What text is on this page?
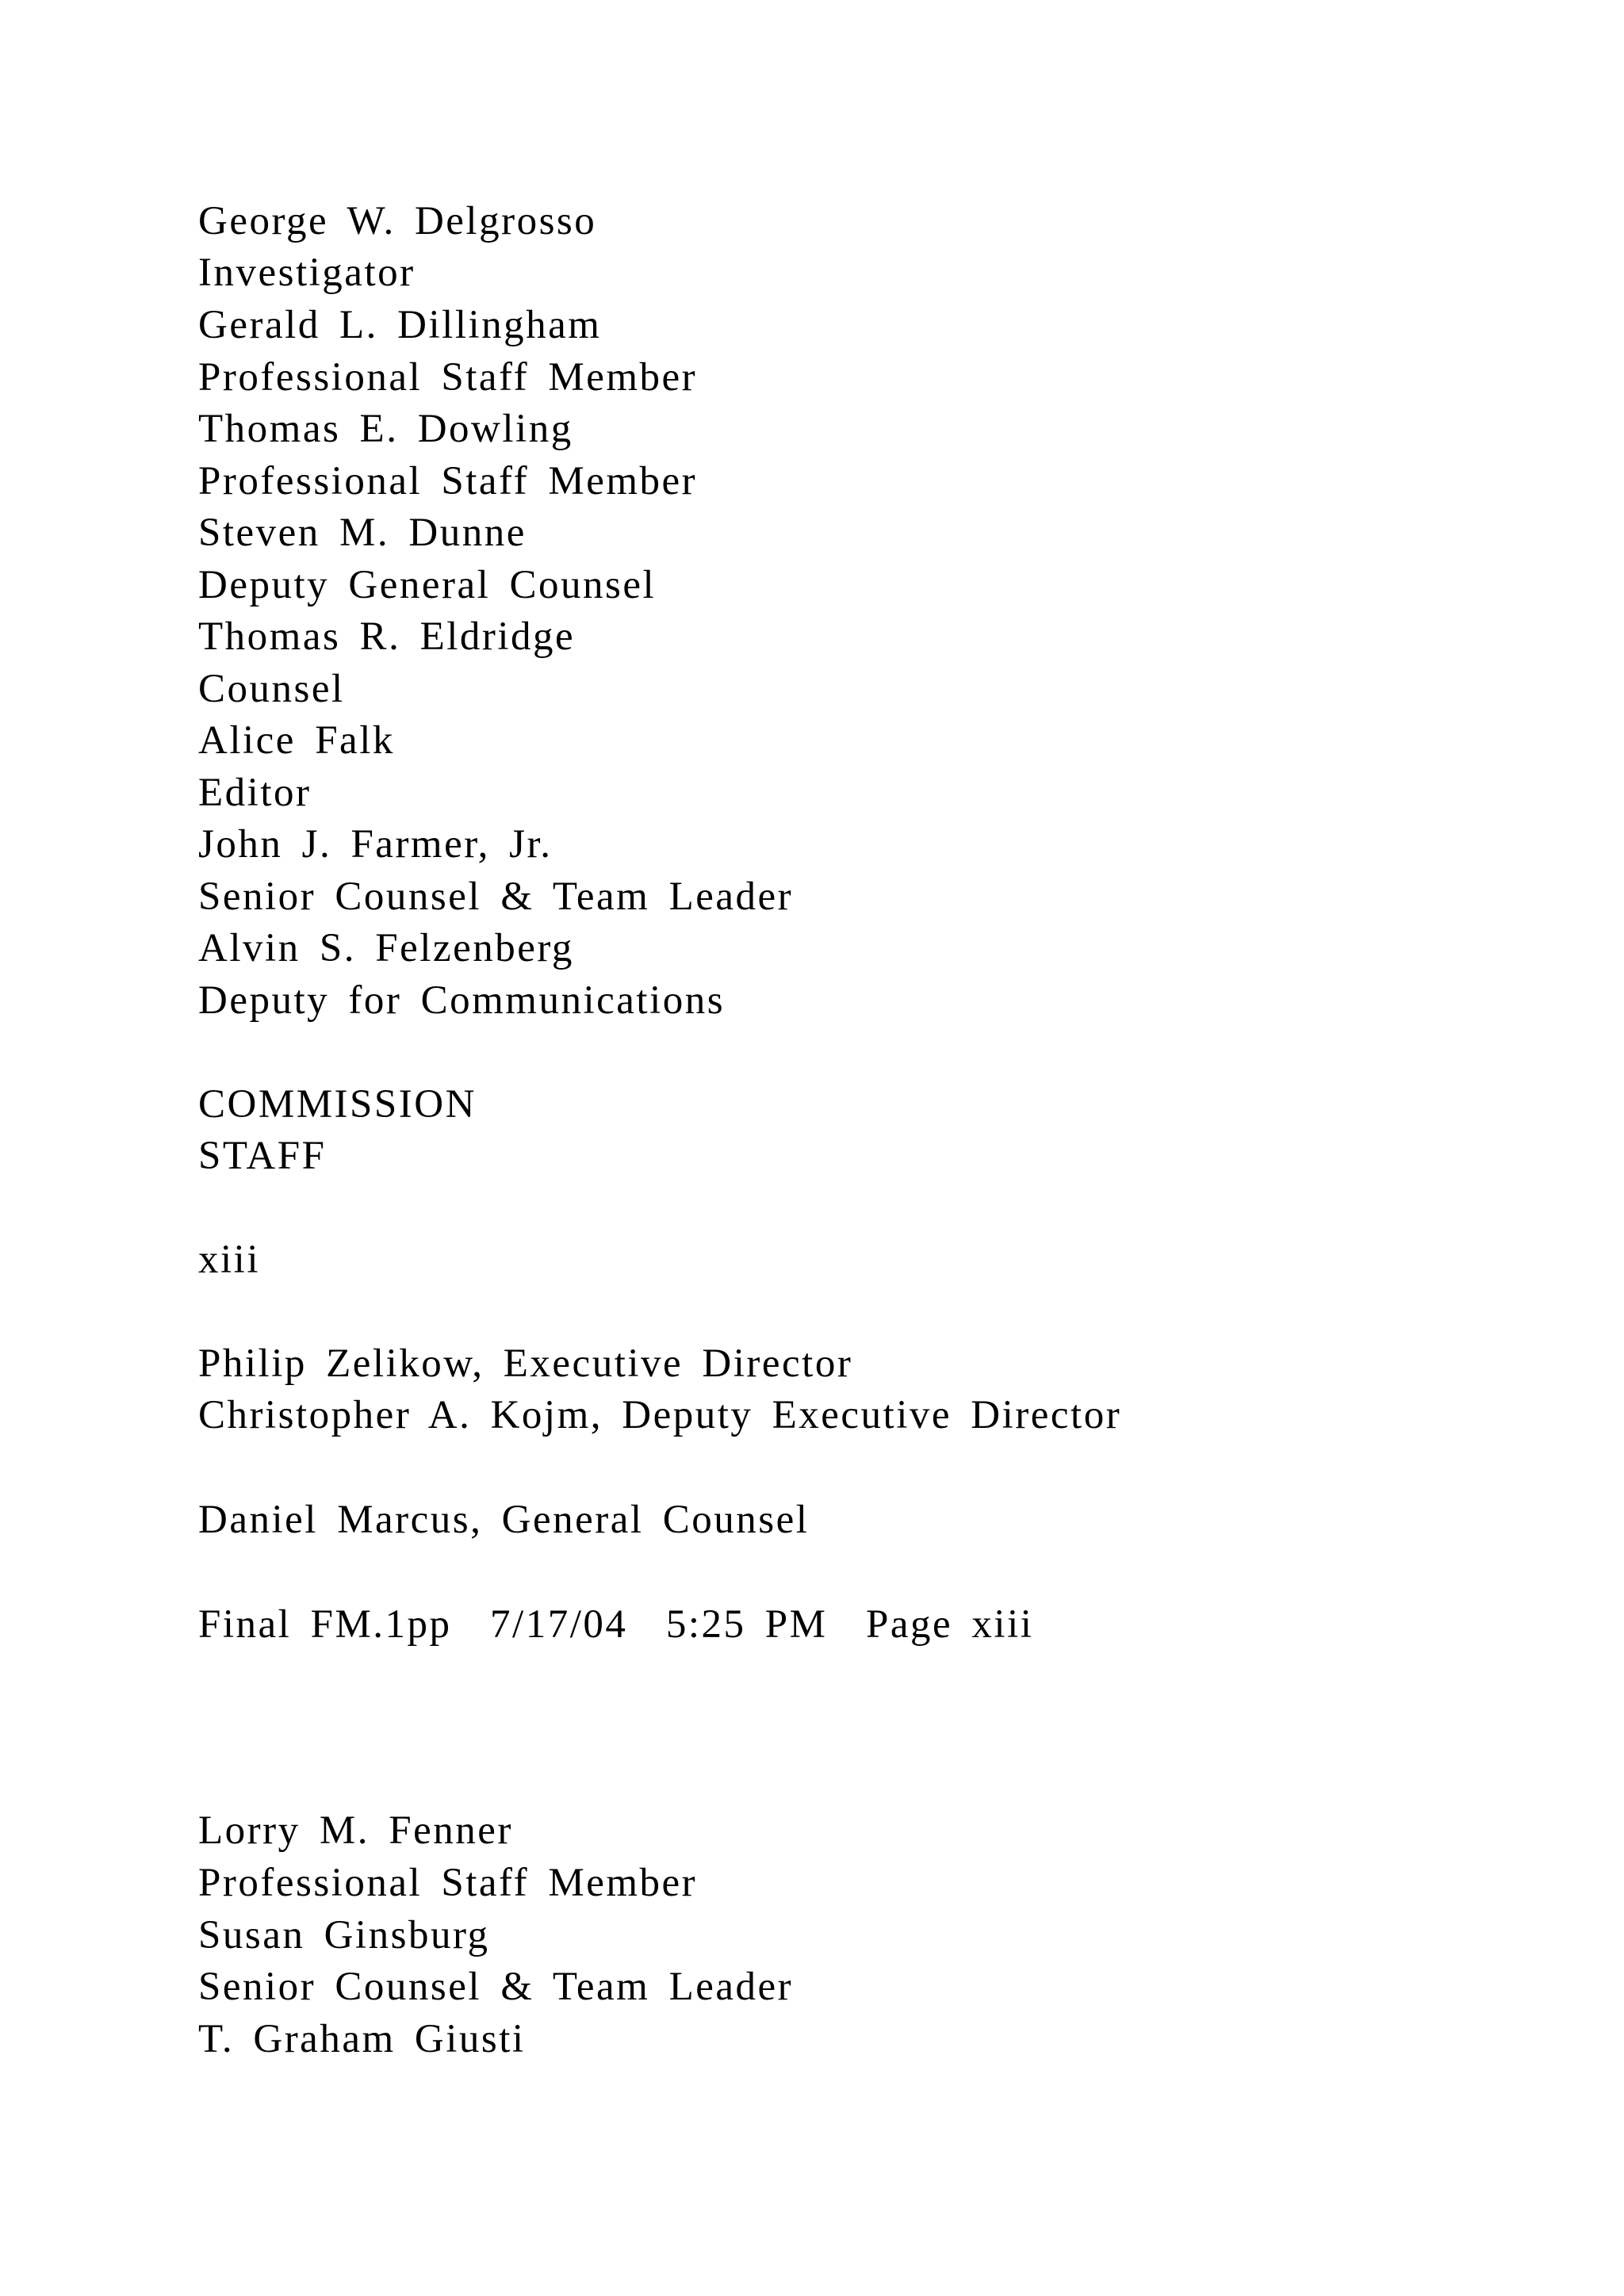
George W. Delgrosso

Investigator

Gerald L. Dillingham

Professional Staff Member

Thomas E. Dowling

Professional Staff Member

Steven M. Dunne

Deputy General Counsel

Thomas R. Eldridge

Counsel

Alice Falk

Editor

John J. Farmer, Jr.

Senior Counsel & Team Leader

Alvin S. Felzenberg

Deputy for Communications

COMMISSION

STAFF

xiii

Philip Zelikow, Executive Director

Christopher A. Kojm, Deputy Executive Director

Daniel Marcus, General Counsel

Final FM.1pp  7/17/04  5:25 PM  Page xiii

Lorry M. Fenner

Professional Staff Member

Susan Ginsburg

Senior Counsel & Team Leader

T. Graham Giusti
